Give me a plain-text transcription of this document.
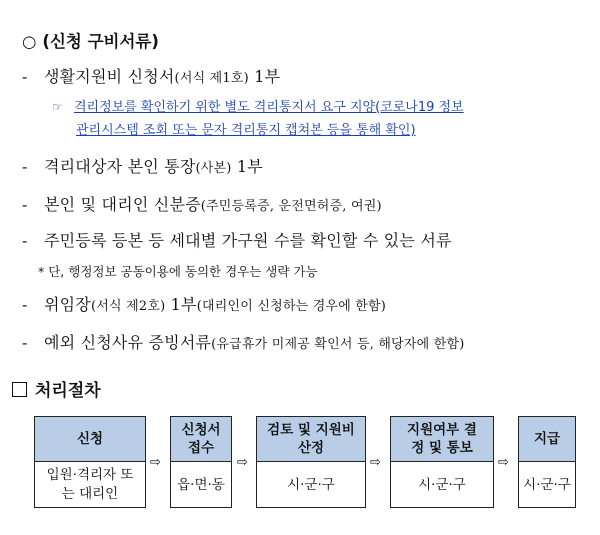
○ (신청 구비서류)
- 생활지원비 신청서(서식 제1호) 1부
☞ 격리정보를 확인하기 위한 별도 격리통지서 요구 지양(코로나19 정보
관리시스템 조회 또는 문자 격리통지 캡쳐본 등을 통해 확인)
- 격리대상자 본인 통장(사본) 1부
- 본인 및 대리인 신분증(주민등록증, 운전면허증, 여권)
- 주민등록 등본 등 세대별 가구원 수를 확인할 수 있는 서류
* 단, 행정정보 공동이용에 동의한 경우는 생략 가능
- 위임장(서식 제2호) 1부(대리인이 신청하는 경우에 한함)
- 예외 신청사유 증빙서류(유급휴가 미제공 확인서 등, 해당자에 한함)
처리절차
신청
입원·격리자 또는 대리인
⇨
신청서 접수
읍·면·동
⇨
검토 및 지원비 산정
시·군·구
⇨
지원여부 결정 및 통보
시·군·구
⇨
지급
시·군·구
